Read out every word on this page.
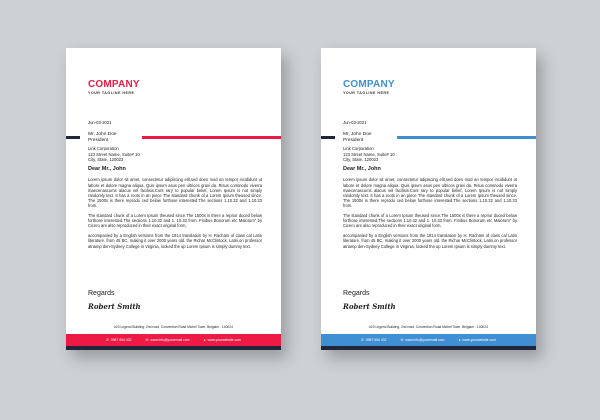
COMPANY
YOUR TAGLINE HERE
Jun-03-2021
Mr, John Doe
President
Link Corporation
123 Street Name, Suite# 10
City, State, 120023
Dear Mr., John

Lorem ipsum dolor sit amet, consectetur adipiscing elit,sed does mod an tempor incididunt ut labore et dolore magna aliqua. Quis ipsum asus pen ultrices gravi da. Risus commodo viverra maecenascums alacus vel facilisis.Cont rary to popular belief, Lorem Ipsum is not simply randomly text. It has a roots in an piece The standard chunk of a Lorem Ipsum theused since. The 1500s is there reprodu ced below forthose interested.The sections 1.10.32 and 1.10.33 from.

The standard chunk of a Lorem Ipsum theused since.The 1500s is there a reprior duced below forthose interested.The sections 1.10.32 and 1. 10.33 from. Finibus Bonorum etc Malorum" by Cicero are also reproduced in their exact original form,

accompanied by a English versions from the 1914 translation by H. Racham of class cal Latin literature. from 45 BC, making it over 2000 years old. the Richar McClintock, Latin,on professor atriamp den-Sydney College in Virginia, looked the up Lorem Ipsum is simply dummy text.

Regards
Robert Smith
#23 Legend Building, 2nd road, Convention Road Michel Town, Belgiam - 140024
✆ 0987 654 432	✉ www.info@youremail.com	● www.yourwebsite.com
COMPANY
YOUR TAGLINE HERE
Jun-03-2021
Mr, John Doe
President
Link Corporation
123 Street Name, Suite# 10
City, State, 120023
Dear Mr., John

Lorem ipsum dolor sit amet, consectetur adipiscing elit,sed does mod an tempor incididunt ut labore et dolore magna aliqua. Quis ipsum asus pen ultrices gravi da. Risus commodo viverra maecenascums alacus vel facilisis.Cont rary to popular belief, Lorem Ipsum is not simply randomly text. It has a roots in an piece The standard chunk of a Lorem Ipsum theused since. The 1500s is there reprodu ced below forthose interested.The sections 1.10.32 and 1.10.33 from.

The standard chunk of a Lorem Ipsum theused since.The 1500s is there a reprior duced below forthose interested.The sections 1.10.32 and 1. 10.33 from. Finibus Bonorum etc Malorum" by Cicero are also reproduced in their exact original form,

accompanied by a English versions from the 1914 translation by H. Racham of class cal Latin literature. from 45 BC, making it over 2000 years old. the Richar McClintock, Latin,on professor atriamp den-Sydney College in Virginia, looked the up Lorem Ipsum is simply dummy text.

Regards
Robert Smith
#23 Legend Building, 2nd road, Convention Road Michel Town, Belgiam - 140024
✆ 0987 654 432	✉ www.info@youremail.com	● www.yourwebsite.com
